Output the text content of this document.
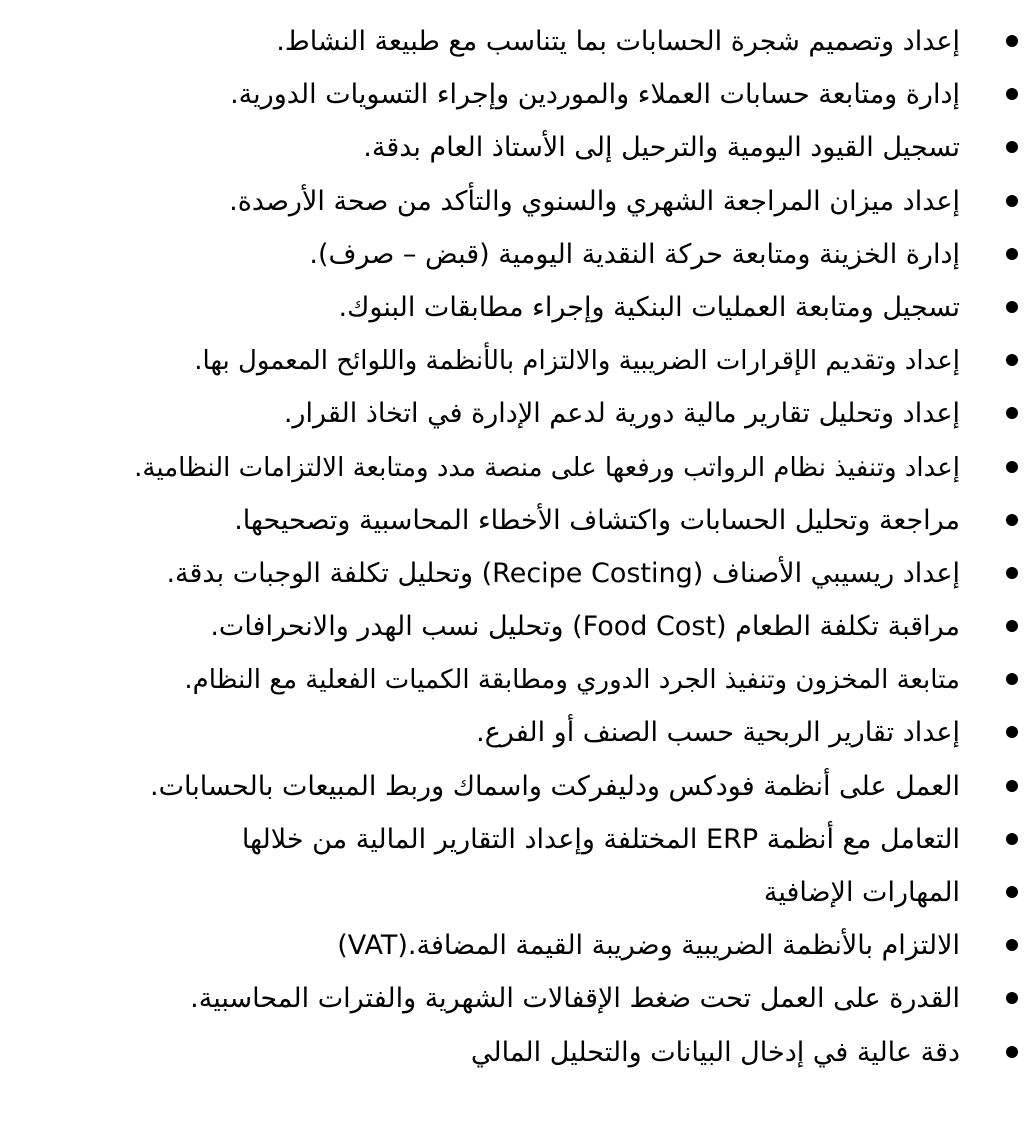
إعداد وتصميم شجرة الحسابات بما يتناسب مع طبيعة النشاط.
إدارة ومتابعة حسابات العملاء والموردين وإجراء التسويات الدورية.
تسجيل القيود اليومية والترحيل إلى الأستاذ العام بدقة.
إعداد ميزان المراجعة الشهري والسنوي والتأكد من صحة الأرصدة.
إدارة الخزينة ومتابعة حركة النقدية اليومية (قبض – صرف).
تسجيل ومتابعة العمليات البنكية وإجراء مطابقات البنوك.
إعداد وتقديم الإقرارات الضريبية والالتزام بالأنظمة واللوائح المعمول بها.
إعداد وتحليل تقارير مالية دورية لدعم الإدارة في اتخاذ القرار.
إعداد وتنفيذ نظام الرواتب ورفعها على منصة مدد ومتابعة الالتزامات النظامية.
مراجعة وتحليل الحسابات واكتشاف الأخطاء المحاسبية وتصحيحها.
إعداد ريسيبي الأصناف (Recipe Costing) وتحليل تكلفة الوجبات بدقة.
مراقبة تكلفة الطعام (Food Cost) وتحليل نسب الهدر والانحرافات.
متابعة المخزون وتنفيذ الجرد الدوري ومطابقة الكميات الفعلية مع النظام.
إعداد تقارير الربحية حسب الصنف أو الفرع.
العمل على أنظمة فودكس ودليفركت واسماك وربط المبيعات بالحسابات.
التعامل مع أنظمة ERP المختلفة وإعداد التقارير المالية من خلالها
المهارات الإضافية
الالتزام بالأنظمة الضريبية وضريبة القيمة المضافة.(VAT)
القدرة على العمل تحت ضغط الإقفالات الشهرية والفترات المحاسبية.
دقة عالية في إدخال البيانات والتحليل المالي
